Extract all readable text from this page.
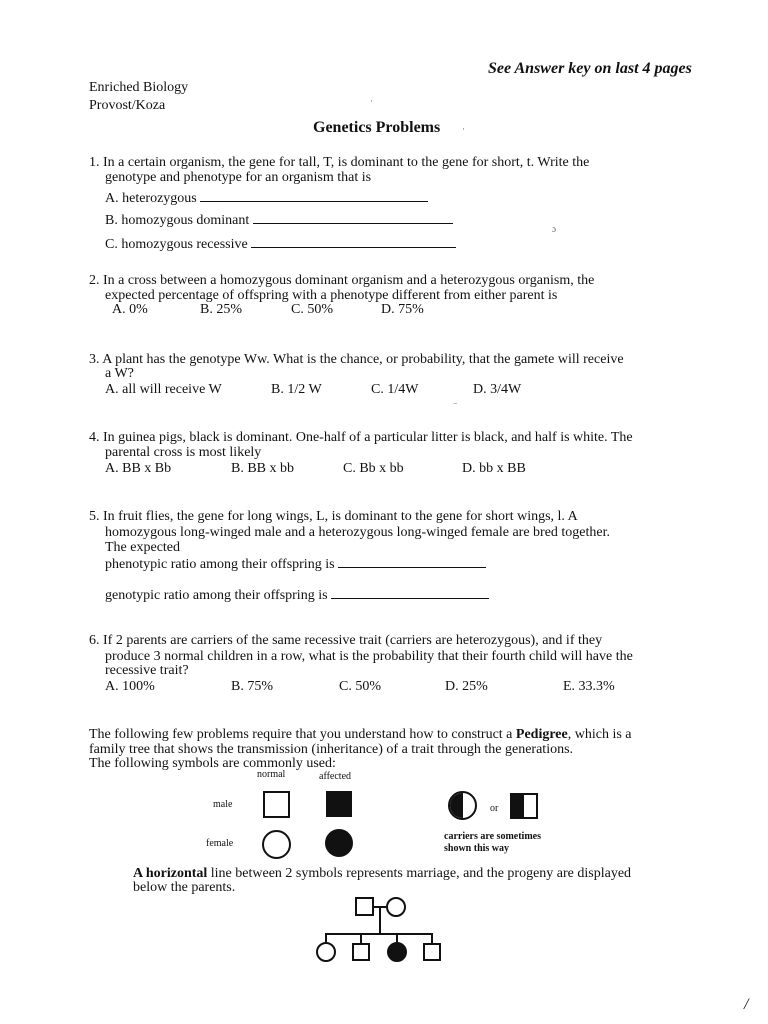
See Answer key on last 4 pages
Enriched Biology
Provost/Koza
Genetics Problems
1. In a certain organism, the gene for tall, T, is dominant to the gene for short, t. Write the
genotype and phenotype for an organism that is
A. heterozygous
B. homozygous dominant
C. homozygous recessive
2. In a cross between a homozygous dominant organism and a heterozygous organism, the
expected percentage of offspring with a phenotype different from either parent is
A. 0%	B. 25%	C. 50%	D. 75%
3. A plant has the genotype Ww. What is the chance, or probability, that the gamete will receive
a W?
A. all will receive W	B. 1/2 W	C. 1/4W	D. 3/4W
4. In guinea pigs, black is dominant. One-half of a particular litter is black, and half is white. The
parental cross is most likely
A. BB x Bb	B. BB x bb	C. Bb x bb	D. bb x BB
5. In fruit flies, the gene for long wings, L, is dominant to the gene for short wings, l. A
homozygous long-winged male and a heterozygous long-winged female are bred together.
The expected
phenotypic ratio among their offspring is
genotypic ratio among their offspring is
6. If 2 parents are carriers of the same recessive trait (carriers are heterozygous), and if they
produce 3 normal children in a row, what is the probability that their fourth child will have the
recessive trait?
A. 100%	B. 75%	C. 50%	D. 25%	E. 33.3%
The following few problems require that you understand how to construct a Pedigree, which is a
family tree that shows the transmission (inheritance) of a trait through the generations.
The following symbols are commonly used:
normal	affected
male
female
or
carriers are sometimes
shown this way
A horizontal line between 2 symbols represents marriage, and the progeny are displayed
below the parents.
·
·
ɔ
⁻
/
